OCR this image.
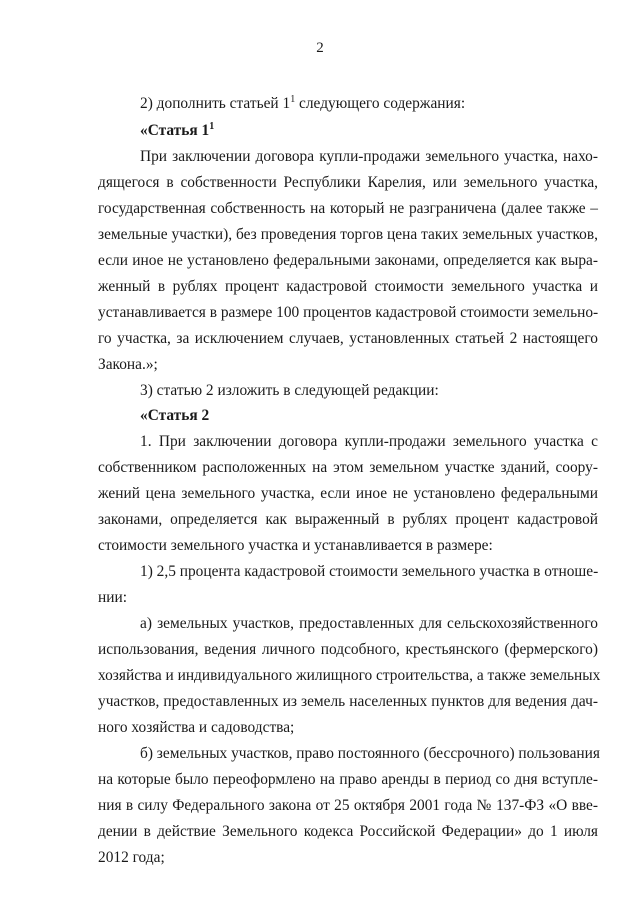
2
2) дополнить статьей $1^1$ следующего содержания:
«Статья $1^1$
При заключении договора купли-продажи земельного участка, нахо-
дящегося в собственности Республики Карелия, или земельного участка,
государственная собственность на который не разграничена (далее также –
земельные участки), без проведения торгов цена таких земельных участков,
если иное не установлено федеральными законами, определяется как выра-
женный в рублях процент кадастровой стоимости земельного участка и
устанавливается в размере 100 процентов кадастровой стоимости земельно-
го участка, за исключением случаев, установленных статьей 2 настоящего
Закона.»;
3) статью 2 изложить в следующей редакции:
«Статья 2
1. При заключении договора купли-продажи земельного участка с
собственником расположенных на этом земельном участке зданий, соору-
жений цена земельного участка, если иное не установлено федеральными
законами, определяется как выраженный в рублях процент кадастровой
стоимости земельного участка и устанавливается в размере:
1) 2,5 процента кадастровой стоимости земельного участка в отноше-
нии:
а) земельных участков, предоставленных для сельскохозяйственного
использования, ведения личного подсобного, крестьянского (фермерского)
хозяйства и индивидуального жилищного строительства, а также земельных
участков, предоставленных из земель населенных пунктов для ведения дач-
ного хозяйства и садоводства;
б) земельных участков, право постоянного (бессрочного) пользования
на которые было переоформлено на право аренды в период со дня вступле-
ния в силу Федерального закона от 25 октября 2001 года № 137-ФЗ «О вве-
дении в действие Земельного кодекса Российской Федерации» до 1 июля
2012 года;
